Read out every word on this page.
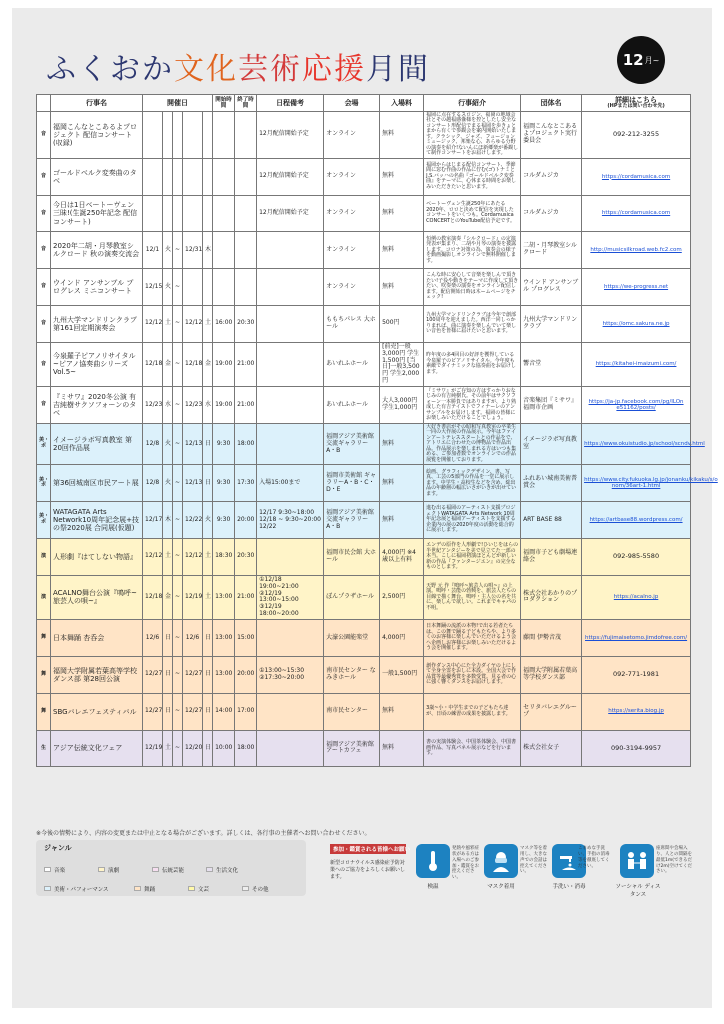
ふくおか文化芸術応援月間	12 月~
	行事名	開催日					開始時間	終了時間	日程備考	会場	入場料	行事紹介	団体名	詳細はこちら
(HPまたは問い合わせ先)

音	福岡こんなとこあるよプロジェクト 配信コンサート(収録)								12月配信開始予定	オンライン	無料	福岡に点在するスロジン、福岡の地域会社とその越福感嚢様を控としたし安全なコンサート形配信でまる福岡を歩きょとまから有くで参観会を案内開始いたします。クラシック、ジャズ、フュージョンミュージック、邦楽な心、あらゆる分野の演奏を紹介!ないんにほ新郷楽が番観して制作コンサートをお届けします。	福岡こんなとこあるよプロジェクト実行委員会	092-212-3255
音	ゴールドベルク変奏曲のタベ								12月配信開始予定	オンライン	無料	福岡からはじまる配信コンサート、季節間に窓む作曲の作品に佇む(ゴ)トナミとJ.S.バッハの名曲『ゴールドベルク変奏曲』をテーマに、心休まる時間をお楽しみいただきたいと思います。	コルダムジカ	https://cordamusica.com
音	今日は1日ベートーヴェン三昧!(生誕250年記念 配信コンサート)								12月配信開始予定	オンライン	無料	ベートーヴェン生誕250年にあたる2020年、ロロと決めて配信を実現したコンサートをいくつも。Cordamusica CONCERTとのYouTube配信予定です。	コルダムジカ	https://cordamusica.com
音	2020年二胡・月琴教室シルクロード 秋の演奏交流会	12/1	火	~	12/31	木				オンライン	無料	恒例の教室演奏『シルクロード』の定演発表が集まり、二胡や月琴の演奏を披露します。コロナ対策の為、演奏会の様子を動画撮影しオンラインで無料開催します。	二胡・月琴教室シルクロード	http://musicsilkroad.web.fc2.com
音	ウインド アンサンブル プログレス ミニコンサート	12/15	火	~						オンライン	無料	こんな時に安心して音楽を楽しんで頂きたい!子役や動きをテーマに作成して頂きたい、吹奏楽の演奏をオンライン配信します。配信開始日時は木ームページをチェック!	ウインド アンサンブル プログレス	https://we-progress.net
音	九州大学マンドリンクラブ第161回定期演奏会	12/12	土	~	12/12	土	16:00	20:30		ももちパレス 大ホール	500円	九州大学マンドリンクラブは今年で創部100周年を迎えました。西洋一同しっかりまれば、曲に演奏を楽しんでいて楽しい音色を皆様に届けたいと思います。	九州大学マンドリンクラブ	https://omc.sakura.ne.jp
音	今泉羅子ピアノリサイタル ~ピアノ協奏曲シリーズVol.5~	12/18	金	~	12/18	金	19:00	21:00		あいれふホール	[前売]一般3,000円 学生1,500円 [当日]一般3,500円 学生2,000円	昨年度の多4回目の好評を獲得している今泉羅子のピアノリサイタル。今年度も素敵でダイナミックな協奏曲をお届けします。	響音堂	https://kitahei-imaizumi.com/
音	『ミサワ』2020冬公演 有吉純樹サクソフォーンのタベ	12/23	水	~	12/23	水	19:00	21:00		あいれふホール	大人3,000円 学生1,000円	『ミサワ』がご存知の方はすっかりおなじみの有吉純樹氏。その前年はサクソフォーン一本勝負ではありますが、より熟成した有吉テイストでフィナーレのアンサンブルをお届けします。福岡の皆様にお楽しみいただけることでしょう。	音楽集団『ミサワ』福岡市企画	https://ja-jp.facebook.com/pg/ILOn e51162/posts/
美・ポ	イメージラボ写真教室 第20回作品展	12/8	火	~	12/13	日	9:30	18:00		福岡アジア美術館 交流ギャラリーA・B	無料	大好き書店がその昭和写真教室の卒業生一同の大作展の作品展示。今年はファインアートテレススタートとの作品をで、アトリエに合わせたの博物品で作品出品。作品展示を楽しまれる方はいつも集める、ご参加者数でオンラインでの作品展覧を開催しております。	イメージラボ写真教室	https://www.okuistudio.jp/school/scndv.html
美・ポ	第36回城南区市民アート展	12/8	火	~	12/13	日	9:30	17:30	入場15:00まで	福岡市美術館 ギャラリーA・B・C・D・E	無料	絵画、グラフィックデザイン、書、写真、工芸の5部門の作品を一堂に展示します。中学生・高校生などを含め、総出品の年齢層の幅広いさがいきが出せています。	ふれあい城南美術普賞会	https://www.city.fukuoka.lg.jp/jonanku/kikaku/s/o nom/36art-1.html
美・ポ	WATAGATA Arts Network10周年記念展+技の祭2020展 合同展(仮題)	12/17	木	~	12/22	火	9:30	20:00	12/17 9:30~18:00 12/18 ~ 9:30~20:00 12/22	福岡アジア美術館 交流ギャラリーA・B	無料	進む出る福岡のアーティスト支援プロジェクトWATAGATA Arts Network 10周年記念展と福岡アーティストを支援する企業内の展の2020年度の活動を総合的に展示します。	ART BASE 88	https://artbase88.wordpress.com/
演	人形劇『はてしない物語』	12/12	土	~	12/12	土	18:30	20:30		福岡市民会館 大ホール	4,000円 ※4歳以上有料	エンデの原作を人形劇で!ひいじをはらの半世紀アンタジーを美で見立てた一部の本当。こしに福岡初演ほとんどが新しい新の作品『ファンタージエン』の完全なものとします。	福岡市子ども劇場連絡会	092-985-5580
演	ACALNO舞台公演『鳴呼~旅芸人の唄~』	12/18	金	~	12/19	土	13:00	21:00	①12/18 19:00~21:00 ②12/19 13:00~15:00 ③12/19 18:00~20:00	ぽんプラザホール	2,500円	天野 元 作『鳴呼~旅芸人の唄~』の上演。鳴呼・芸能の勃興を、旅芸人たちの目線で描く舞台。鳴呼・主人公の名を共に、楽しんで欲しい。これまでキャパの不明。	株式会社あかりのプロダクション	https://acalno.jp
舞	日本舞踊 杏呑会	12/6	日	~	12/6	日	13:00	15:00		大濠公園能楽堂	4,000円	日本舞踊の流派の本物!で出る若者たちは、この舞で踊る子どもたちや、より多くのお客様に楽しんでいただけるよう会へ企画しお客様にお楽しみいただけるよう会を開催します。	藤間 伊勢音茂	https://fujimaisetomo.jimdofree.com/
舞	福岡大学附属若葉高等学校ダンス部 第28回公演	12/27	日	~	12/27	日	13:00	20:00	①13:00~15:30 ②17:30~20:00	南市民センター なみきホール	一般1,500円	創作ダンス中心にた全力ダイヤの上にして全身全霊をおしに本設。全国大会で作品賞等最優秀賞を多数受賞。見る者の心に強く響くダンスをお届けします。	福岡大学附属若葉高等学校ダンス部	092-771-1981
舞	SBGバレエフェスティバル	12/27	日	~	12/27	日	14:00	17:00		南市民センター	無料	3歳~小・中学生までの子どもたち達が、日頃の練習の成果を披露します。	セリタバレエグループ	https://serita.biog.jp
生	アジア伝統文化フェア	12/19	土	~	12/20	日	10:00	18:00		福岡アジア美術館 アートカフェ	無料	書の実演体験会、中国茶体験会、中国書画作品、写真パネル展示などを行います。	株式会社女子	090-3194-9957
※今後の情勢により、内容の変更または中止となる場合がございます。詳しくは、各行事の主催者へお問い合わせください。
ジャンル
音楽	演劇	伝統芸能	生活文化
美術・パフォーマンス	舞踊	文芸	その他
参加・鑑賞される皆様へお願い
新型コロナウイルス感染症予防対策へのご協力をよろしくお願いします。
検温
発熱や風邪症状がある方は入場へのご参加・鑑賞をお控えください。
マスク着用
マスク等を着用し、大きな声での会話は控えてください。
手洗い・消毒
こまめな手洗い、手指の消毒等を徹底してください。
ソーシャル ディスタンス
座席間や会場入り、人との間隔を最低1m(できるだけ2m)空けてください。
